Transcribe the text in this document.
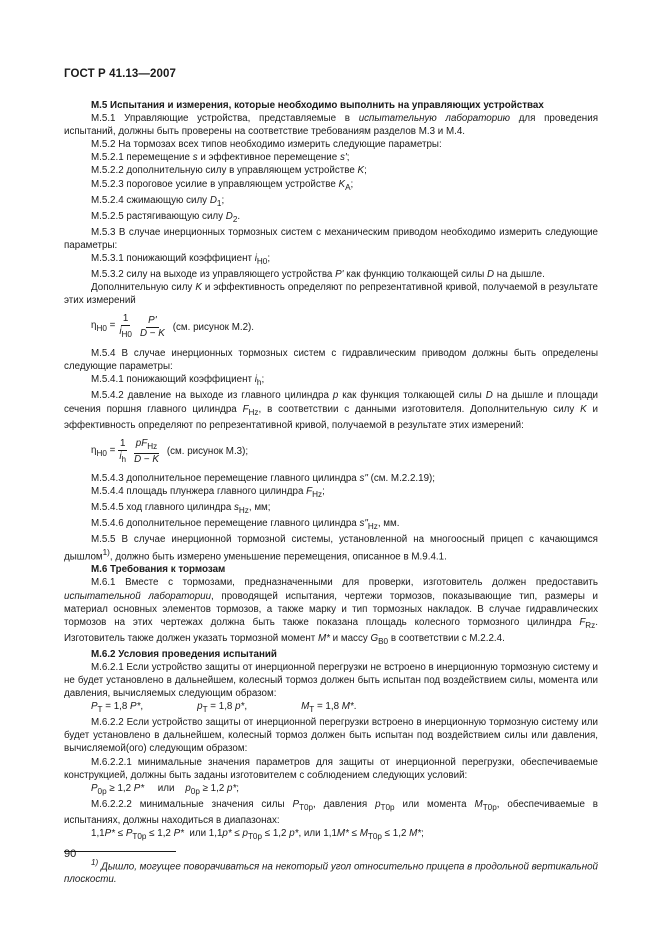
ГОСТ Р 41.13—2007

М.5 Испытания и измерения, которые необходимо выполнить на управляющих устройствах

М.5.1 Управляющие устройства, представляемые в испытательную лабораторию для проведения испытаний, должны быть проверены на соответствие требованиям разделов М.3 и М.4.

М.5.2 На тормозах всех типов необходимо измерить следующие параметры:

М.5.2.1 перемещение s и эффективное перемещение s';

М.5.2.2 дополнительную силу в управляющем устройстве K;

М.5.2.3 пороговое усилие в управляющем устройстве $K_A$;

М.5.2.4 сжимающую силу $D_1$;

М.5.2.5 растягивающую силу $D_2$.

М.5.3 В случае инерционных тормозных систем с механическим приводом необходимо измерить следующие параметры:

М.5.3.1 понижающий коэффициент $i_{H0}$;

М.5.3.2 силу на выходе из управляющего устройства P' как функцию толкающей силы D на дышле.

Дополнительную силу K и эффективность определяют по репрезентативной кривой, получаемой в результате этих измерений

$\eta_{H0} = \frac{1}{i_{H0}} \frac{P'}{D - K} (см$. рисунок М.2).

М.5.4 В случае инерционных тормозных систем с гидравлическим приводом должны быть определены следующие параметры:

М.5.4.1 понижающий коэффициент $i_h$;

М.5.4.2 давление на выходе из главного цилиндра p как функция толкающей силы D на дышле и площади сечения поршня главного цилиндра $F_{Hz}$, в соответствии с данными изготовителя. Дополнительную силу K и эффективность определяют по репрезентативной кривой, получаемой в результате этих измерений:

$\eta_{H0} = \frac{1}{i_h} \frac{pF_{Hz}}{D - K} (см$. рисунок М.3);

М.5.4.3 дополнительное перемещение главного цилиндра s" (см. М.2.2.19);

М.5.4.4 площадь плунжера главного цилиндра $F_{Hz}$;

М.5.4.5 ход главного цилиндра $s_{Hz}$, мм;

М.5.4.6 дополнительное перемещение главного цилиндра $s"_{Hz}$, мм.

М.5.5 В случае инерционной тормозной системы, установленной на многоосный прицеп с качающимся дышлом$^{1)}$, должно быть измерено уменьшение перемещения, описанное в М.9.4.1.

М.6 Требования к тормозам

М.6.1 Вместе с тормозами, предназначенными для проверки, изготовитель должен предоставить испытательной лаборатории, проводящей испытания, чертежи тормозов, показывающие тип, размеры и материал основных элементов тормозов, а также марку и тип тормозных накладок. В случае гидравлических тормозов на этих чертежах должна быть также показана площадь колесного тормозного цилиндра $F_{Rz}$. Изготовитель также должен указать тормозной момент M* и массу $G_{B0}$ в соответствии с М.2.2.4.

М.6.2 Условия проведения испытаний

М.6.2.1 Если устройство защиты от инерционной перегрузки не встроено в инерционную тормозную систему и не будет установлено в дальнейшем, колесный тормоз должен быть испытан под воздействием силы, момента или давления, вычисляемых следующим образом:

$P_T = 1,8$ P*,	$p_T = 1,8$ p*,	$M_T = 1,8$ M*.

М.6.2.2 Если устройство защиты от инерционной перегрузки встроено в инерционную тормозную систему или будет установлено в дальнейшем, колесный тормоз должен быть испытан под воздействием силы или давления, вычисляемой(ого) следующим образом:

М.6.2.2.1 минимальные значения параметров для защиты от инерционной перегрузки, обеспечиваемые конструкцией, должны быть заданы изготовителем с соблюдением следующих условий:

$P_{0p} \ge 1,2$ P*     или    $p_{0p} \ge 1,2$ p*;

М.6.2.2.2 минимальные значения силы $P_{T0p}$, давления $p_{T0p}$ или момента $M_{T0p}$, обеспечиваемые в испытаниях, должны находиться в диапазонах:

$1,1P* \le P_{T0p} \le 1,2$ P*  или $1,1p* \le p_{T0p} \le 1,2$ p*, или $1,1M* \le M_{T0p} \le 1,2$ M*;

$^{1)}$ Дышло, могущее поворачиваться на некоторый угол относительно прицепа в продольной вертикальной плоскости.

90
